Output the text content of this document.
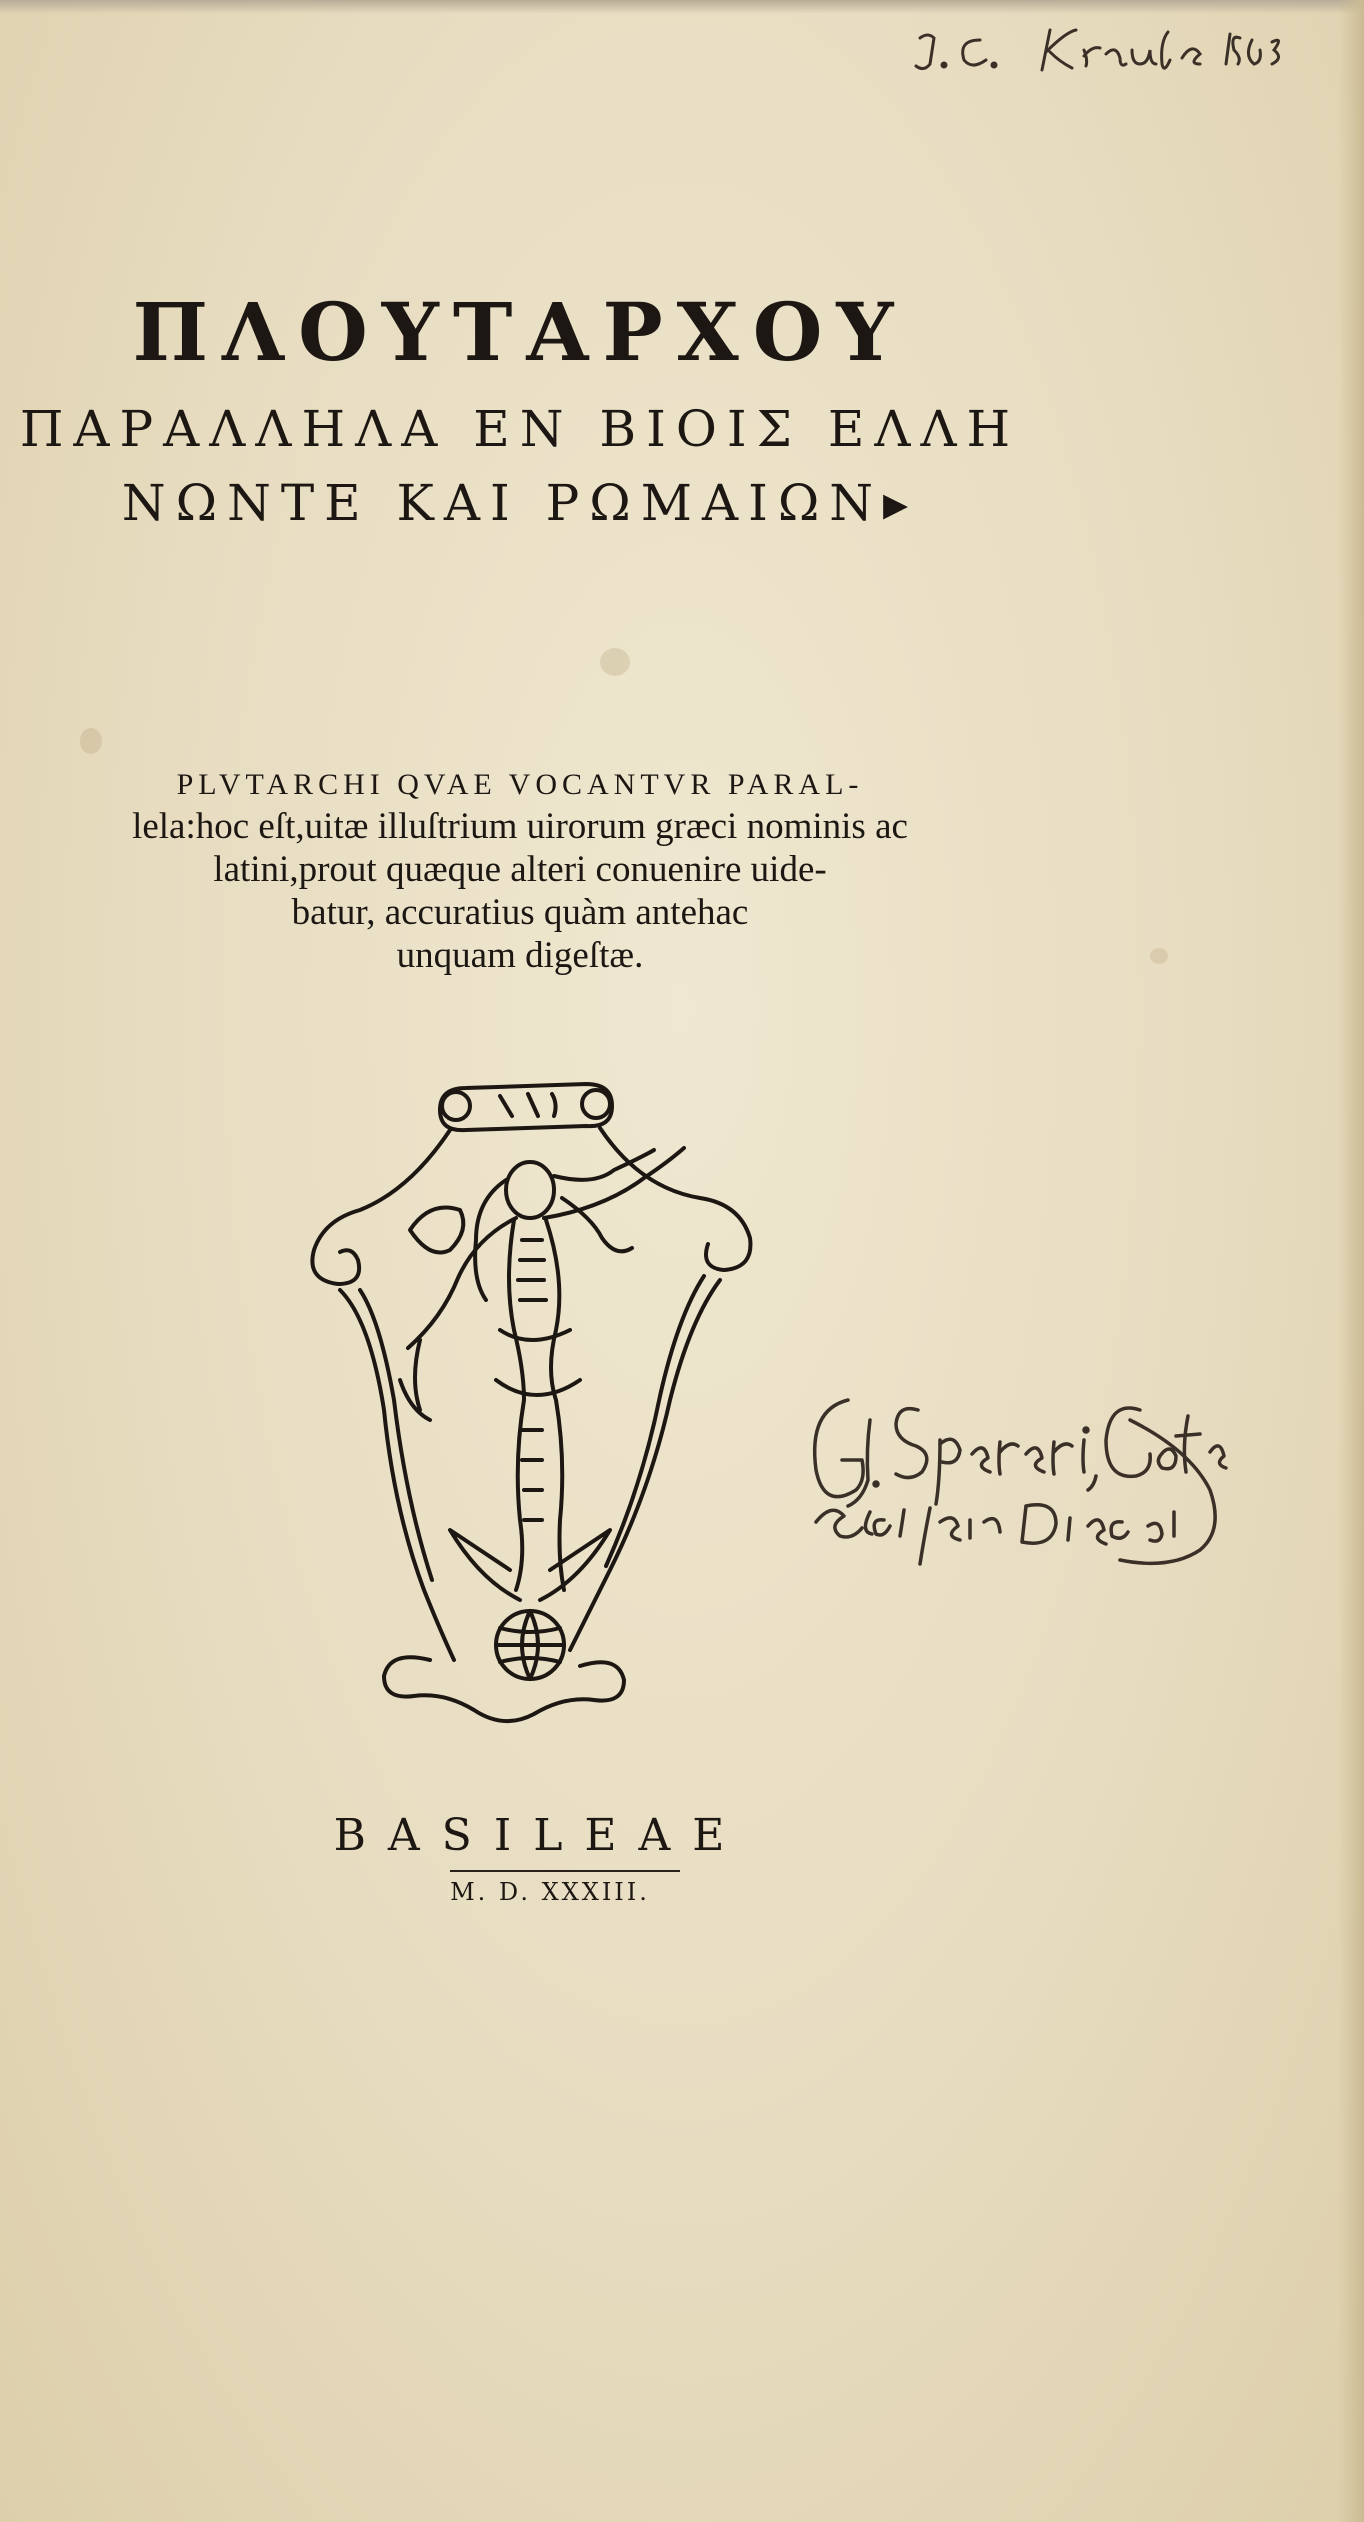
ΠΛΟΥΤΑΡΧΟΥ
ΠΑΡΑΛΛΗΛΑ ΕΝ ΒΙΟΙΣ ΕΛΛΗ
ΝΩΝΤΕ ΚΑΙ ΡΩΜΑΙΩΝ▸
PLVTARCHI QVAE VOCANTVR PARAL-
lela:hoc eſt,uitæ illuſtrium uirorum græci nominis ac
latini,prout quæque alteri conuenire uide-
batur, accuratius quàm antehac
unquam digeſtæ.
BASILEAE
M. D. XXXIII.
